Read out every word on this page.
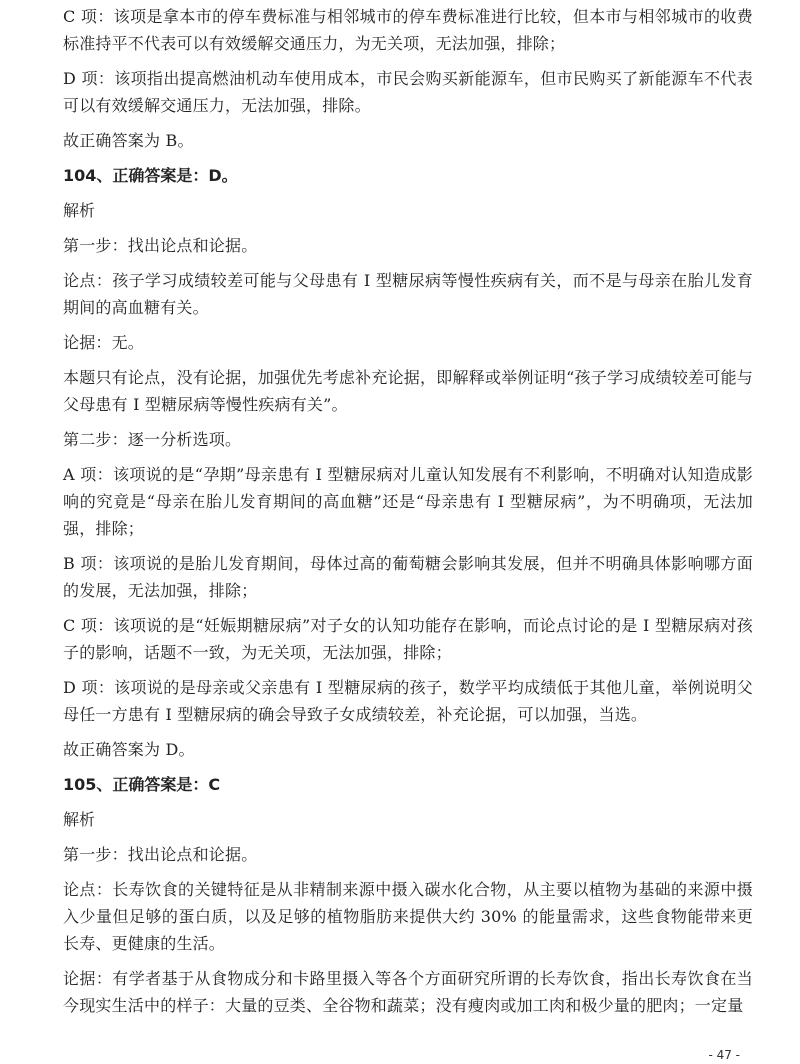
C 项：该项是拿本市的停车费标准与相邻城市的停车费标准进行比较，但本市与相邻城市的收费标准持平不代表可以有效缓解交通压力，为无关项，无法加强，排除；

D 项：该项指出提高燃油机动车使用成本，市民会购买新能源车，但市民购买了新能源车不代表可以有效缓解交通压力，无法加强，排除。

故正确答案为 B。

104、正确答案是：D。

解析

第一步：找出论点和论据。

论点：孩子学习成绩较差可能与父母患有 I 型糖尿病等慢性疾病有关，而不是与母亲在胎儿发育期间的高血糖有关。

论据：无。

本题只有论点，没有论据，加强优先考虑补充论据，即解释或举例证明“孩子学习成绩较差可能与父母患有 I 型糖尿病等慢性疾病有关”。

第二步：逐一分析选项。

A 项：该项说的是“孕期”母亲患有 I 型糖尿病对儿童认知发展有不利影响，不明确对认知造成影响的究竟是“母亲在胎儿发育期间的高血糖”还是“母亲患有 I 型糖尿病”，为不明确项，无法加强，排除；

B 项：该项说的是胎儿发育期间，母体过高的葡萄糖会影响其发展，但并不明确具体影响哪方面的发展，无法加强，排除；

C 项：该项说的是“妊娠期糖尿病”对子女的认知功能存在影响，而论点讨论的是 I 型糖尿病对孩子的影响，话题不一致，为无关项，无法加强，排除；

D 项：该项说的是母亲或父亲患有 I 型糖尿病的孩子，数学平均成绩低于其他儿童，举例说明父母任一方患有 I 型糖尿病的确会导致子女成绩较差，补充论据，可以加强，当选。

故正确答案为 D。

105、正确答案是：C

解析

第一步：找出论点和论据。

论点：长寿饮食的关键特征是从非精制来源中摄入碳水化合物，从主要以植物为基础的来源中摄入少量但足够的蛋白质，以及足够的植物脂肪来提供大约 30% 的能量需求，这些食物能带来更长寿、更健康的生活。

论据：有学者基于从食物成分和卡路里摄入等各个方面研究所谓的长寿饮食，指出长寿饮食在当今现实生活中的样子：大量的豆类、全谷物和蔬菜；没有瘦肉或加工肉和极少量的肥肉；一定量

- 47 -
